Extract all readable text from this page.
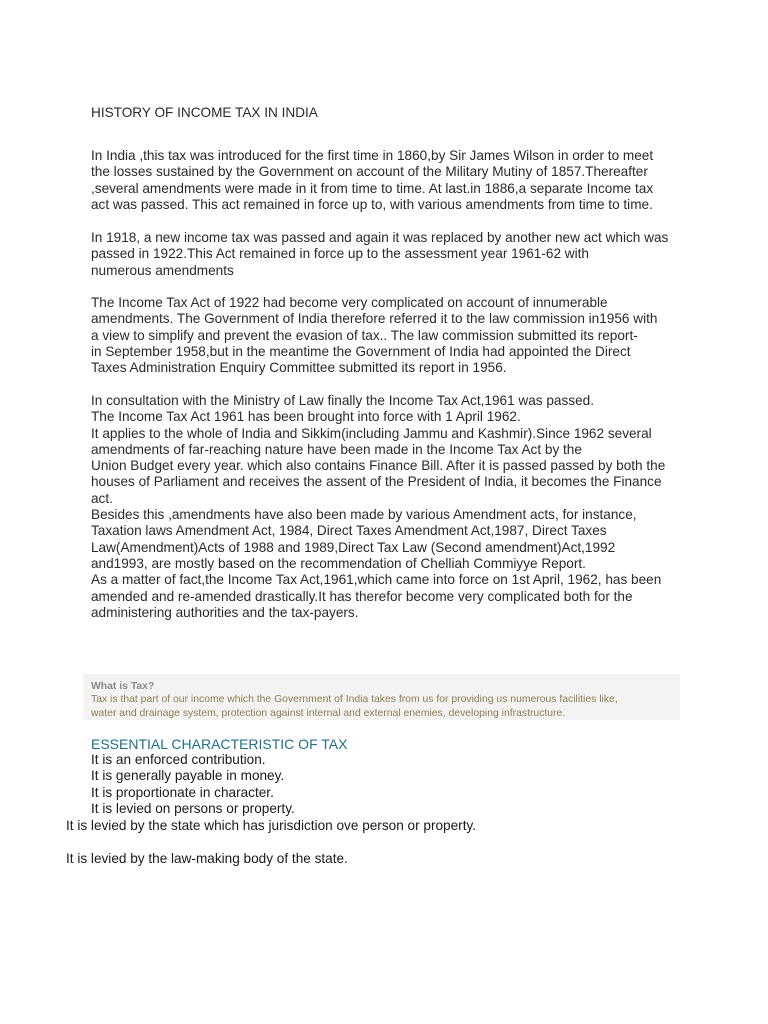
HISTORY OF INCOME TAX IN INDIA
In India ,this tax was introduced for the first time in 1860,by Sir James Wilson in order to meet
the losses sustained by the Government on account of the Military Mutiny of 1857.Thereafter
,several amendments were made in it from time to time. At last.in 1886,a separate Income tax
act was passed. This act remained in force up to, with various amendments from time to time.
In 1918, a new income tax was passed and again it was replaced by another new act which was
passed in 1922.This Act remained in force up to the assessment year 1961-62 with
numerous amendments
The Income Tax Act of 1922 had become very complicated on account of innumerable
amendments. The Government of India therefore referred it to the law commission in1956 with
a view to simplify and prevent the evasion of tax.. The law commission submitted its report-
in September 1958,but in the meantime the Government of India had appointed the Direct
Taxes Administration Enquiry Committee submitted its report in 1956.
In consultation with the Ministry of Law finally the Income Tax Act,1961 was passed.
The Income Tax Act 1961 has been brought into force with 1 April 1962.
It applies to the whole of India and Sikkim(including Jammu and Kashmir).Since 1962 several
amendments of far-reaching nature have been made in the Income Tax Act by the
Union Budget every year. which also contains Finance Bill. After it is passed passed by both the
houses of Parliament and receives the assent of the President of India, it becomes the Finance
act.
Besides this ,amendments have also been made by various Amendment acts, for instance,
Taxation laws Amendment Act, 1984, Direct Taxes Amendment Act,1987, Direct Taxes
Law(Amendment)Acts of 1988 and 1989,Direct Tax Law (Second amendment)Act,1992
and1993, are mostly based on the recommendation of Chelliah Commiyye Report.
As a matter of fact,the Income Tax Act,1961,which came into force on 1st April, 1962, has been
amended and re-amended drastically.It has therefor become very complicated both for the
administering authorities and the tax-payers.
What is Tax?
Tax is that part of our income which the Government of India takes from us for providing us numerous facilities like,
water and drainage system, protection against internal and external enemies, developing infrastructure.
ESSENTIAL CHARACTERISTIC OF TAX
It is an enforced contribution.
It is generally payable in money.
It is proportionate in character.
It is levied on persons or property.
It is levied by the state which has jurisdiction ove person or property.
It is levied by the law-making body of the state.
